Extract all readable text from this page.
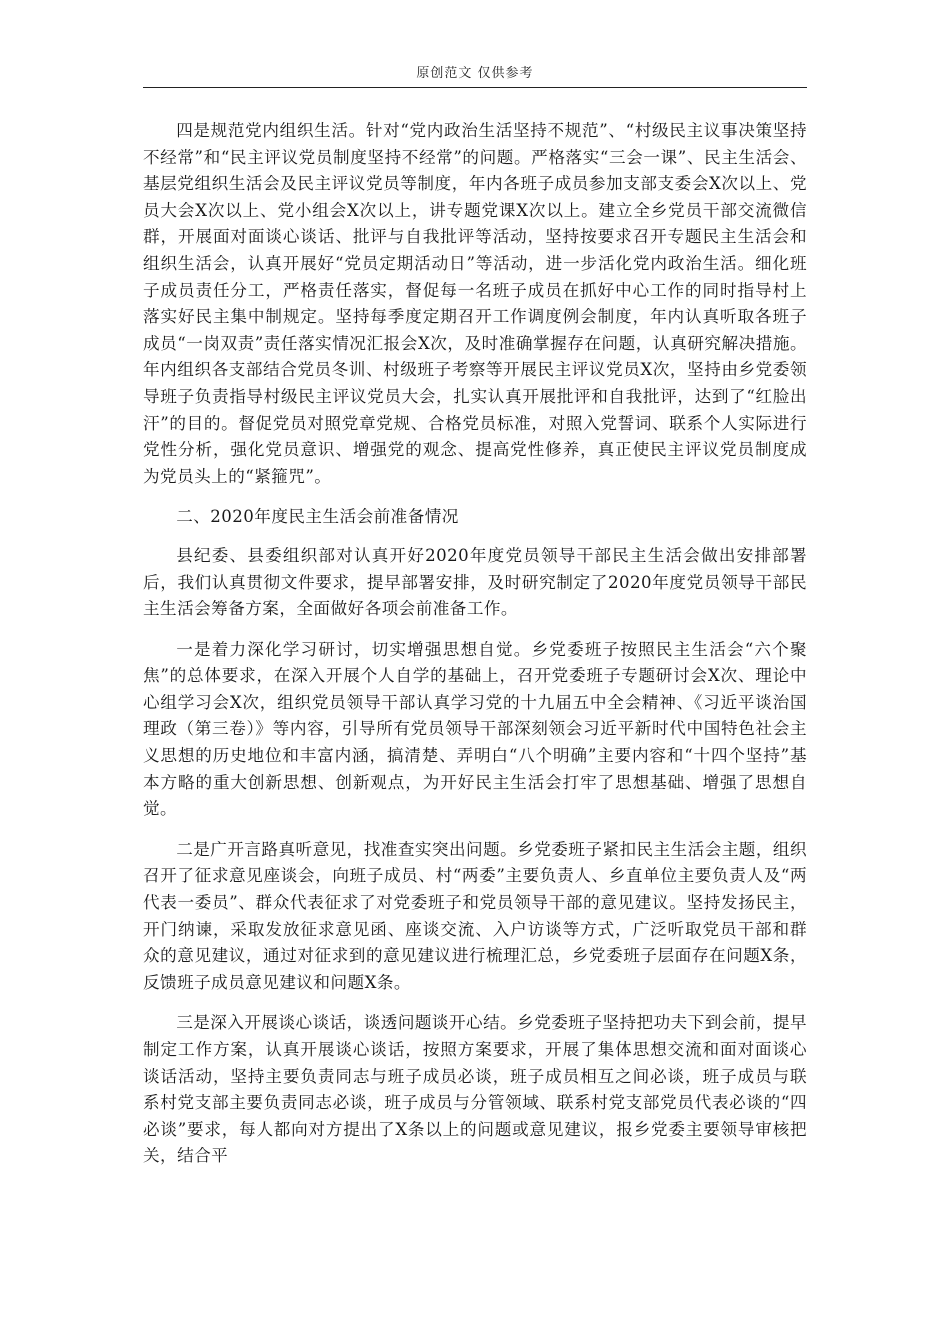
原创范文 仅供参考

四是规范党内组织生活。针对“党内政治生活坚持不规范”、“村级民主议事决策坚持不经常”和“民主评议党员制度坚持不经常”的问题。严格落实“三会一课”、民主生活会、基层党组织生活会及民主评议党员等制度，年内各班子成员参加支部支委会X次以上、党员大会X次以上、党小组会X次以上，讲专题党课X次以上。建立全乡党员干部交流微信群，开展面对面谈心谈话、批评与自我批评等活动，坚持按要求召开专题民主生活会和组织生活会，认真开展好“党员定期活动日”等活动，进一步活化党内政治生活。细化班子成员责任分工，严格责任落实，督促每一名班子成员在抓好中心工作的同时指导村上落实好民主集中制规定。坚持每季度定期召开工作调度例会制度，年内认真听取各班子成员“一岗双责”责任落实情况汇报会X次，及时准确掌握存在问题，认真研究解决措施。年内组织各支部结合党员冬训、村级班子考察等开展民主评议党员X次，坚持由乡党委领导班子负责指导村级民主评议党员大会，扎实认真开展批评和自我批评，达到了“红脸出汗”的目的。督促党员对照党章党规、合格党员标准，对照入党誓词、联系个人实际进行党性分析，强化党员意识、增强党的观念、提高党性修养，真正使民主评议党员制度成为党员头上的“紧箍咒”。

二、2020年度民主生活会前准备情况

县纪委、县委组织部对认真开好2020年度党员领导干部民主生活会做出安排部署后，我们认真贯彻文件要求，提早部署安排，及时研究制定了2020年度党员领导干部民主生活会筹备方案，全面做好各项会前准备工作。

一是着力深化学习研讨，切实增强思想自觉。乡党委班子按照民主生活会“六个聚焦”的总体要求，在深入开展个人自学的基础上，召开党委班子专题研讨会X次、理论中心组学习会X次，组织党员领导干部认真学习党的十九届五中全会精神、《习近平谈治国理政（第三卷）》等内容，引导所有党员领导干部深刻领会习近平新时代中国特色社会主义思想的历史地位和丰富内涵，搞清楚、弄明白“八个明确”主要内容和“十四个坚持”基本方略的重大创新思想、创新观点，为开好民主生活会打牢了思想基础、增强了思想自觉。

二是广开言路真听意见，找准查实突出问题。乡党委班子紧扣民主生活会主题，组织召开了征求意见座谈会，向班子成员、村“两委”主要负责人、乡直单位主要负责人及“两代表一委员”、群众代表征求了对党委班子和党员领导干部的意见建议。坚持发扬民主，开门纳谏，采取发放征求意见函、座谈交流、入户访谈等方式，广泛听取党员干部和群众的意见建议，通过对征求到的意见建议进行梳理汇总，乡党委班子层面存在问题X条，反馈班子成员意见建议和问题X条。

三是深入开展谈心谈话，谈透问题谈开心结。乡党委班子坚持把功夫下到会前，提早制定工作方案，认真开展谈心谈话，按照方案要求，开展了集体思想交流和面对面谈心谈话活动，坚持主要负责同志与班子成员必谈，班子成员相互之间必谈，班子成员与联系村党支部主要负责同志必谈，班子成员与分管领域、联系村党支部党员代表必谈的“四必谈”要求，每人都向对方提出了X条以上的问题或意见建议，报乡党委主要领导审核把关，结合平
